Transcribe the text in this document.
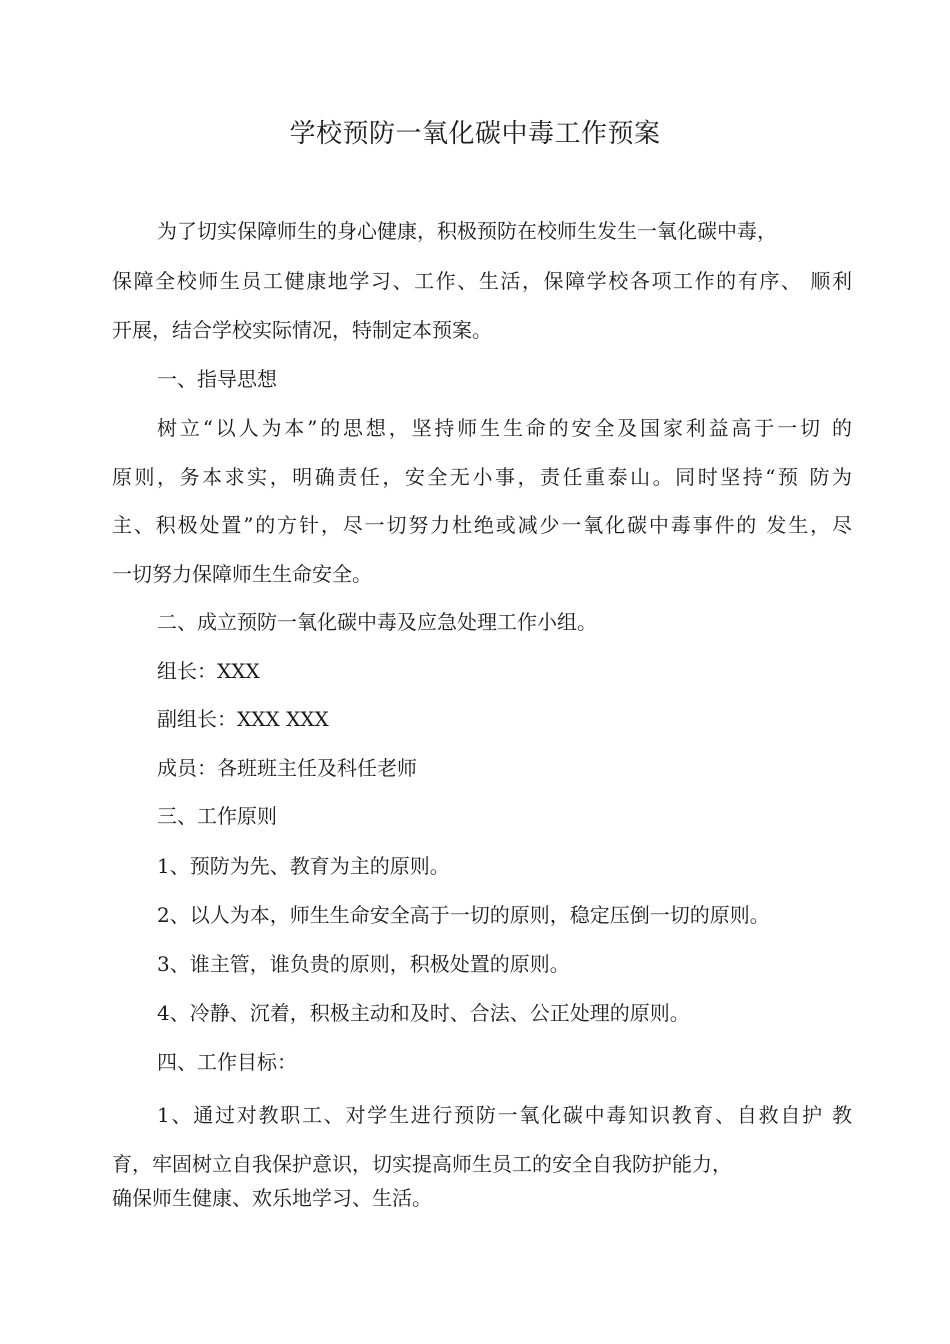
学校预防一氧化碳中毒工作预案
为了切实保障师生的身心健康，积极预防在校师生发生一氧化碳中毒，
保障全校师生员工健康地学习、工作、生活，保障学校各项工作的有序、 顺利
开展，结合学校实际情况，特制定本预案。
一、指导思想
树立“以人为本”的思想，坚持师生生命的安全及国家利益高于一切 的
原则，务本求实，明确责任，安全无小事，责任重泰山。同时坚持“预 防为
主、积极处置”的方针，尽一切努力杜绝或减少一氧化碳中毒事件的 发生，尽
一切努力保障师生生命安全。
二、成立预防一氧化碳中毒及应急处理工作小组。
组长：XXX
副组长：XXX XXX
成员：各班班主任及科任老师
三、工作原则
1、预防为先、教育为主的原则。
2、以人为本，师生生命安全高于一切的原则，稳定压倒一切的原则。
3、谁主管，谁负贵的原则，积极处置的原则。
4、冷静、沉着，积极主动和及时、合法、公正处理的原则。
四、工作目标：
1、通过对教职工、对学生进行预防一氧化碳中毒知识教育、自救自护 教
育，牢固树立自我保护意识，切实提高师生员工的安全自我防护能力，
确保师生健康、欢乐地学习、生活。
